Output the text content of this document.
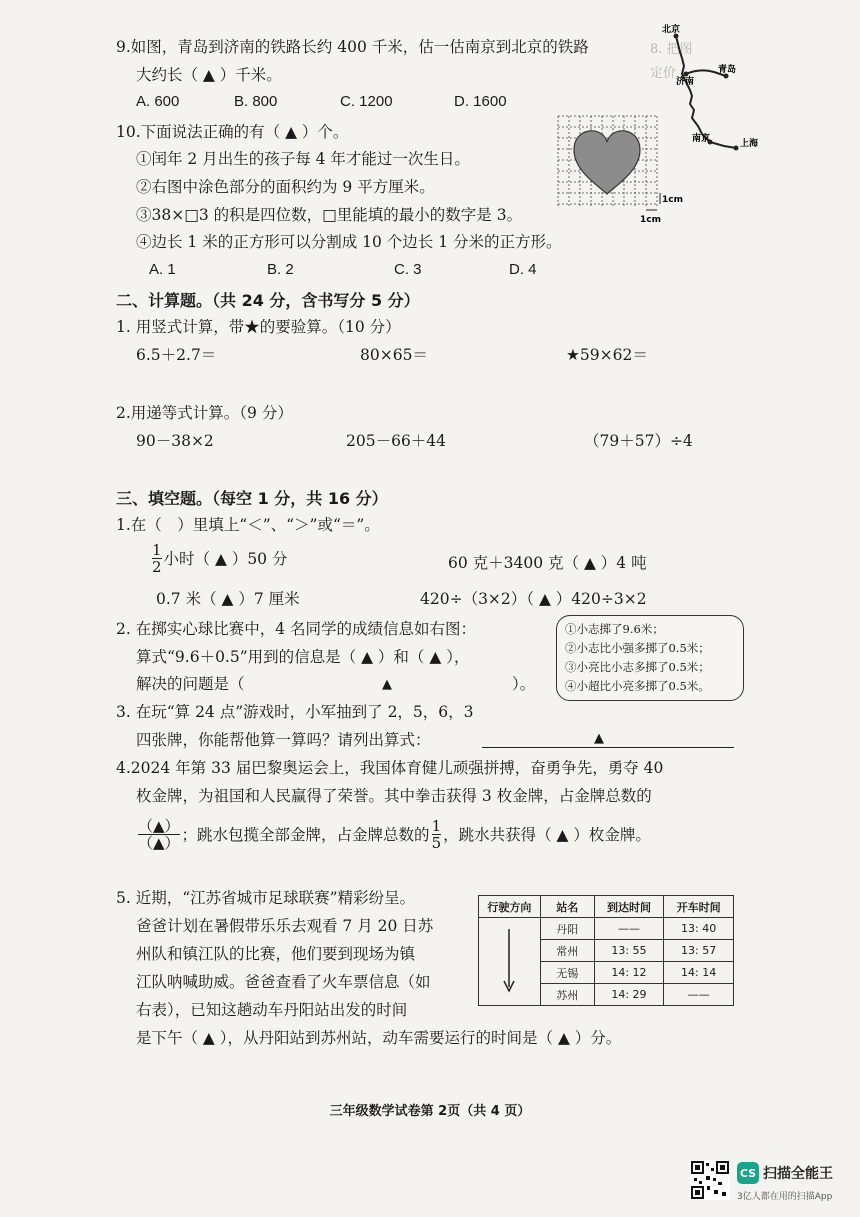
8. 把图
定价
9.如图，青岛到济南的铁路长约 400 千米，估一估南京到北京的铁路
大约长（ ▲ ）千米。
A. 600	B. 800	C. 1200	D. 1600
北京
济南
青岛
南京	上海
10.下面说法正确的有（ ▲ ）个。
①闰年 2 月出生的孩子每 4 年才能过一次生日。
②右图中涂色部分的面积约为 9 平方厘米。
③38×□3 的积是四位数，□里能填的最小的数字是 3。
④边长 1 米的正方形可以分割成 10 个边长 1 分米的正方形。
A. 1	B. 2	C. 3	D. 4
1cm
1cm
二、计算题。（共 24 分，含书写分 5 分）
1. 用竖式计算，带★的要验算。（10 分）
6.5＋2.7＝	80×65＝	★59×62＝
2.用递等式计算。（9 分）
90－38×2	205－66＋44	（79＋57）÷4
三、填空题。（每空 1 分，共 16 分）
1.在（　）里填上“＜”、“＞”或“＝”。
$\frac{1}{2}$ 小时（ ▲ ）50 分	60 克＋3400 克（ ▲ ）4 吨
0.7 米（ ▲ ）7 厘米	420÷（3×2）（ ▲ ）420÷3×2
2. 在掷实心球比赛中，4 名同学的成绩信息如右图：
算式“9.6＋0.5”用到的信息是（ ▲ ）和（ ▲ ），
解决的问题是（	▲	）。
①小志掷了9.6米；
②小志比小强多掷了0.5米；
③小亮比小志多掷了0.5米；
④小超比小亮多掷了0.5米。
3. 在玩“算 24 点”游戏时，小军抽到了 2，5，6，3
四张牌，你能帮他算一算吗？请列出算式：	▲
4.2024 年第 33 届巴黎奥运会上，我国体育健儿顽强拼搏，奋勇争先，勇夺 40
枚金牌，为祖国和人民赢得了荣誉。其中拳击获得 3 枚金牌，占金牌总数的
$\frac{(▲)}{(▲)}$ ；跳水包揽全部金牌，占金牌总数的 $\frac{1}{5}$ ，跳水共获得（ ▲ ）枚金牌。
5. 近期，“江苏省城市足球联赛”精彩纷呈。
爸爸计划在暑假带乐乐去观看 7 月 20 日苏
州队和镇江队的比赛，他们要到现场为镇
江队呐喊助威。爸爸查看了火车票信息（如
右表），已知这趟动车丹阳站出发的时间
是下午（ ▲ ），从丹阳站到苏州站，动车需要运行的时间是（ ▲ ）分。
行驶方向	站名	到达时间	开车时间
	丹阳	——	13: 40
	常州	13: 55	13: 57
	无锡	14: 12	14: 14
	苏州	14: 29	——
三年级数学试卷第 2页（共 4 页）
CS 扫描全能王
3亿人都在用的扫描App
